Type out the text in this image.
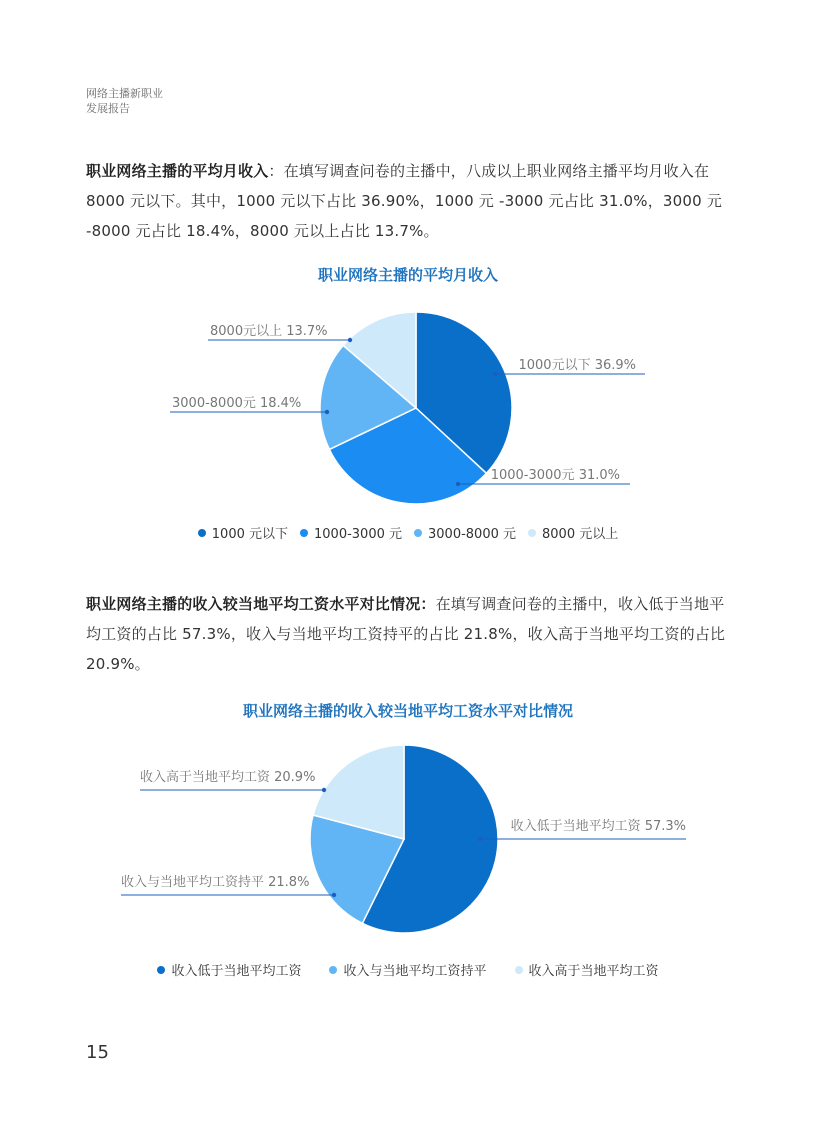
网络主播新职业
发展报告
职业网络主播的平均月收入：在填写调查问卷的主播中，八成以上职业网络主播平均月收入在 8000 元以下。其中，1000 元以下占比 36.90%，1000 元 -3000 元占比 31.0%，3000 元 -8000 元占比 18.4%，8000 元以上占比 13.7%。
职业网络主播的平均月收入
1000元以下 36.9%
1000-3000元 31.0%
3000-8000元 18.4%
8000元以上 13.7%
1000 元以下 1000-3000 元 3000-8000 元 8000 元以上
职业网络主播的收入较当地平均工资水平对比情况：在填写调查问卷的主播中，收入低于当地平均工资的占比 57.3%，收入与当地平均工资持平的占比 21.8%，收入高于当地平均工资的占比 20.9%。
职业网络主播的收入较当地平均工资水平对比情况
收入低于当地平均工资 57.3%
收入与当地平均工资持平 21.8%
收入高于当地平均工资 20.9%
收入低于当地平均工资	收入与当地平均工资持平	收入高于当地平均工资
15
